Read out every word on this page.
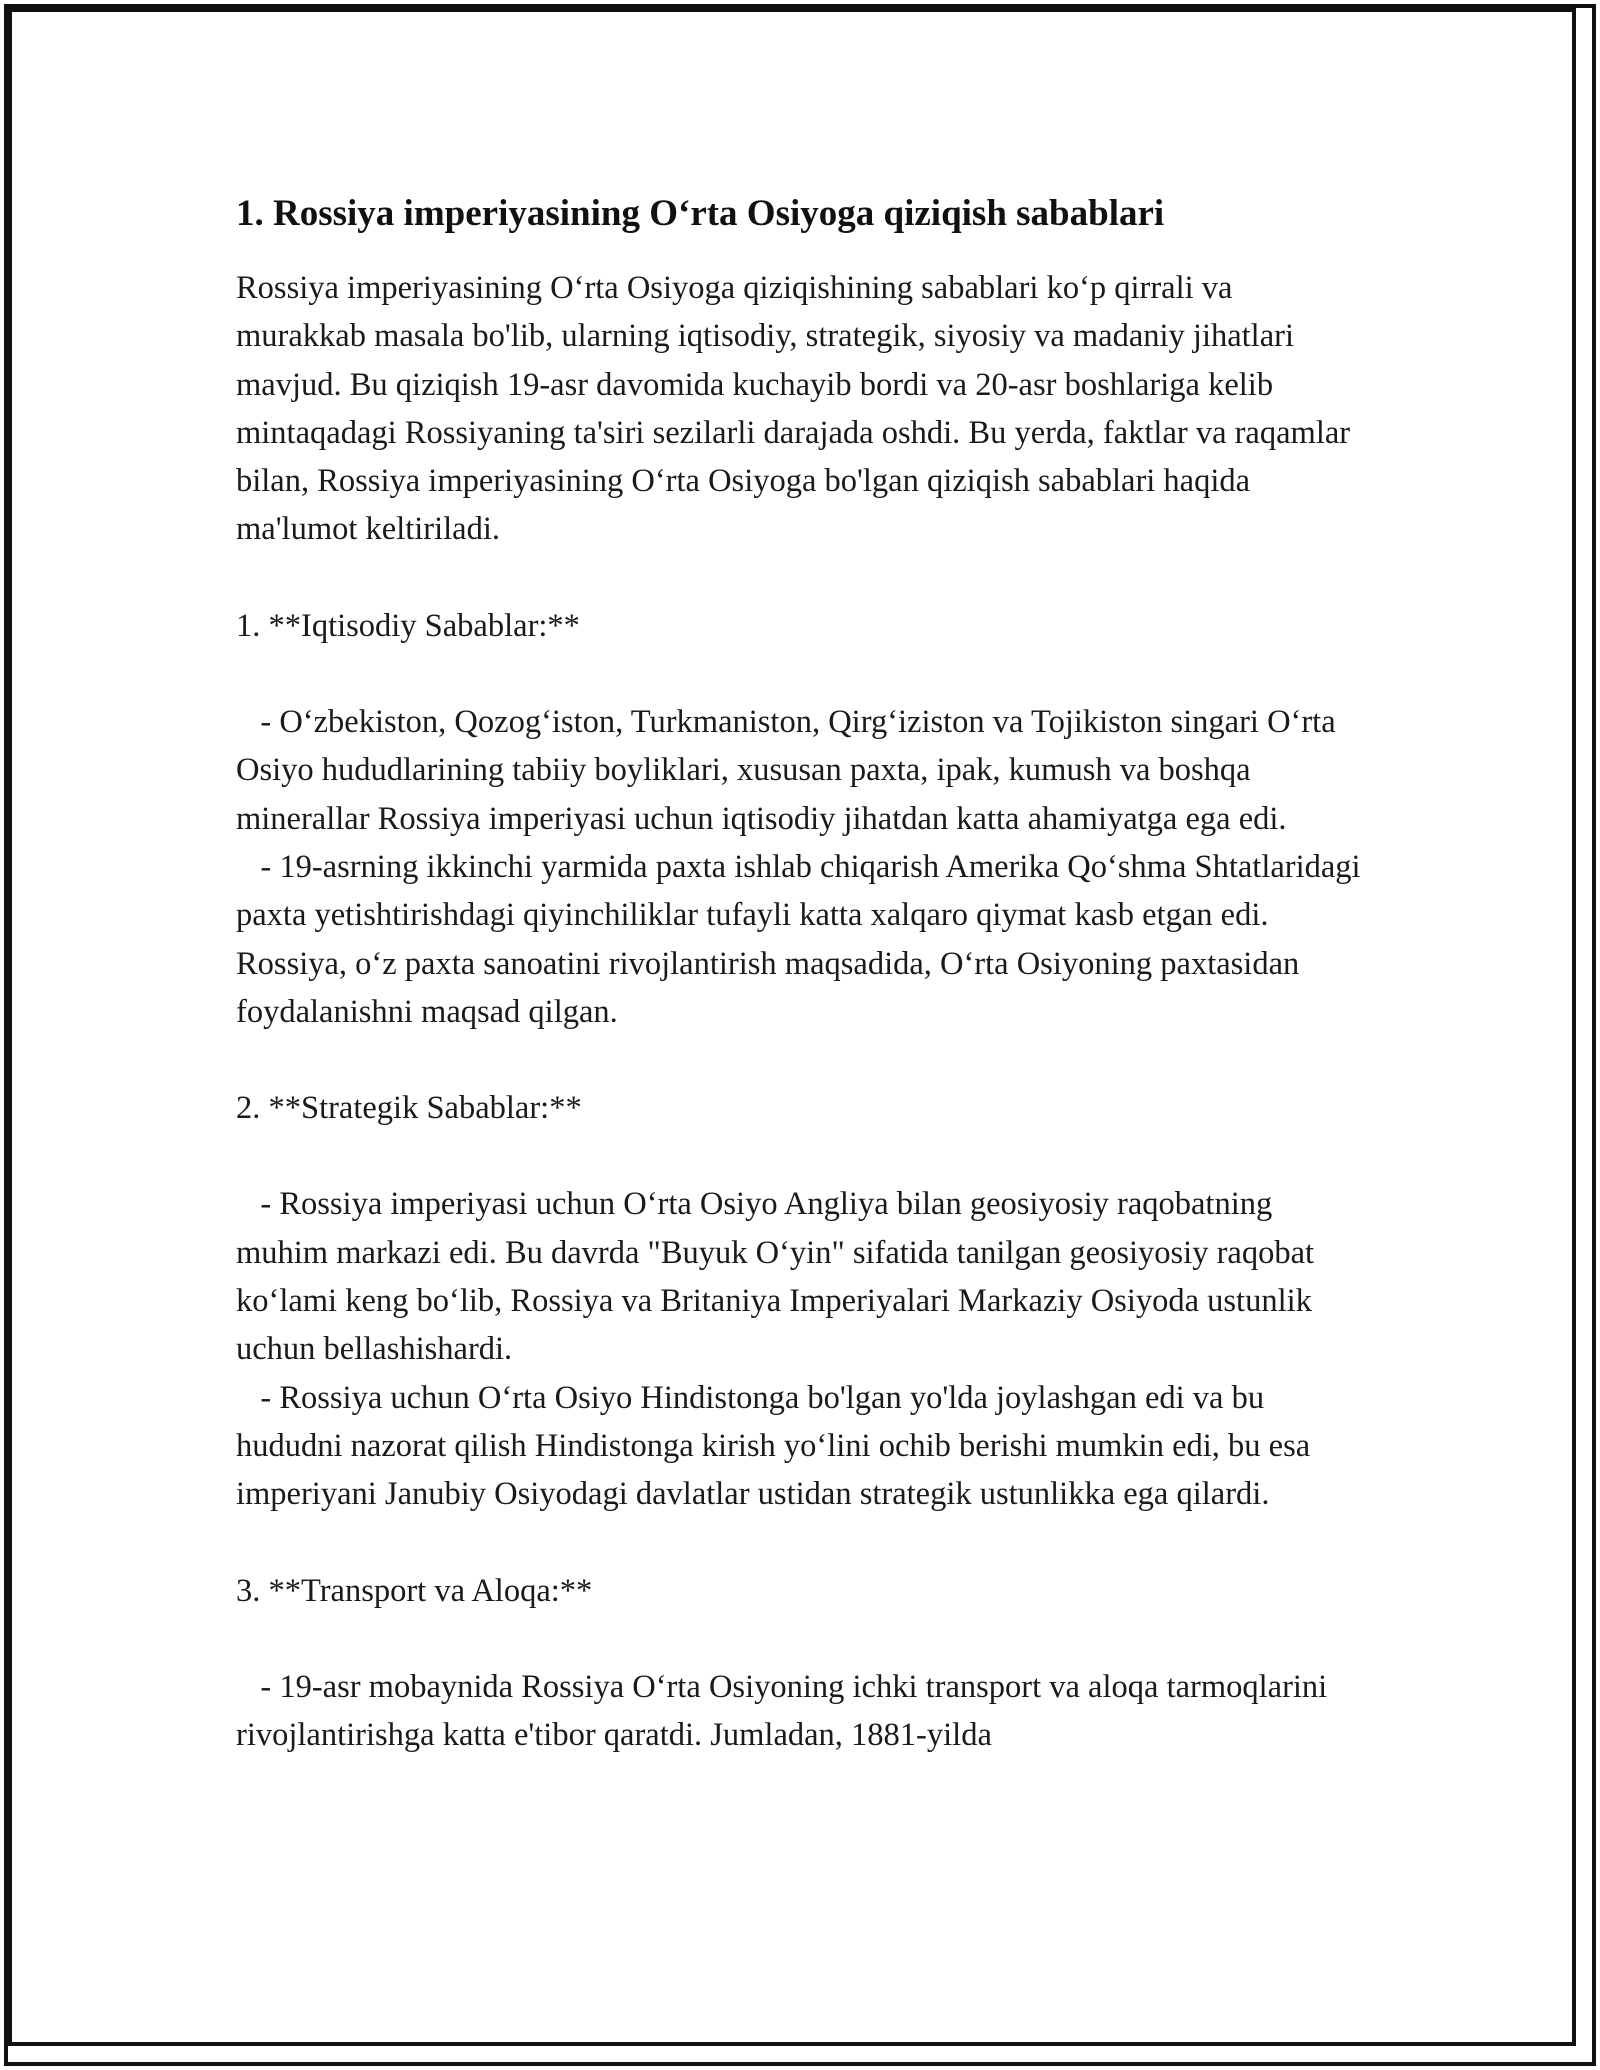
1. Rossiya imperiyasining O‘rta Osiyoga qiziqish sabablari

Rossiya imperiyasining O‘rta Osiyoga qiziqishining sabablari ko‘p qirrali va murakkab masala bo'lib, ularning iqtisodiy, strategik, siyosiy va madaniy jihatlari mavjud. Bu qiziqish 19-asr davomida kuchayib bordi va 20-asr boshlariga kelib mintaqadagi Rossiyaning ta'siri sezilarli darajada oshdi. Bu yerda, faktlar va raqamlar bilan, Rossiya imperiyasining O‘rta Osiyoga bo'lgan qiziqish sabablari haqida ma'lumot keltiriladi.

1. **Iqtisodiy Sabablar:**

- O‘zbekiston, Qozog‘iston, Turkmaniston, Qirg‘iziston va Tojikiston singari O‘rta Osiyo hududlarining tabiiy boyliklari, xususan paxta, ipak, kumush va boshqa minerallar Rossiya imperiyasi uchun iqtisodiy jihatdan katta ahamiyatga ega edi.
- 19-asrning ikkinchi yarmida paxta ishlab chiqarish Amerika Qo‘shma Shtatlaridagi paxta yetishtirishdagi qiyinchiliklar tufayli katta xalqaro qiymat kasb etgan edi. Rossiya, o‘z paxta sanoatini rivojlantirish maqsadida, O‘rta Osiyoning paxtasidan foydalanishni maqsad qilgan.

2. **Strategik Sabablar:**

- Rossiya imperiyasi uchun O‘rta Osiyo Angliya bilan geosiyosiy raqobatning muhim markazi edi. Bu davrda "Buyuk O‘yin" sifatida tanilgan geosiyosiy raqobat ko‘lami keng bo‘lib, Rossiya va Britaniya Imperiyalari Markaziy Osiyoda ustunlik uchun bellashishardi.
- Rossiya uchun O‘rta Osiyo Hindistonga bo'lgan yo'lda joylashgan edi va bu hududni nazorat qilish Hindistonga kirish yo‘lini ochib berishi mumkin edi, bu esa imperiyani Janubiy Osiyodagi davlatlar ustidan strategik ustunlikka ega qilardi.

3. **Transport va Aloqa:**

- 19-asr mobaynida Rossiya O‘rta Osiyoning ichki transport va aloqa tarmoqlarini rivojlantirishga katta e'tibor qaratdi. Jumladan, 1881-yilda
